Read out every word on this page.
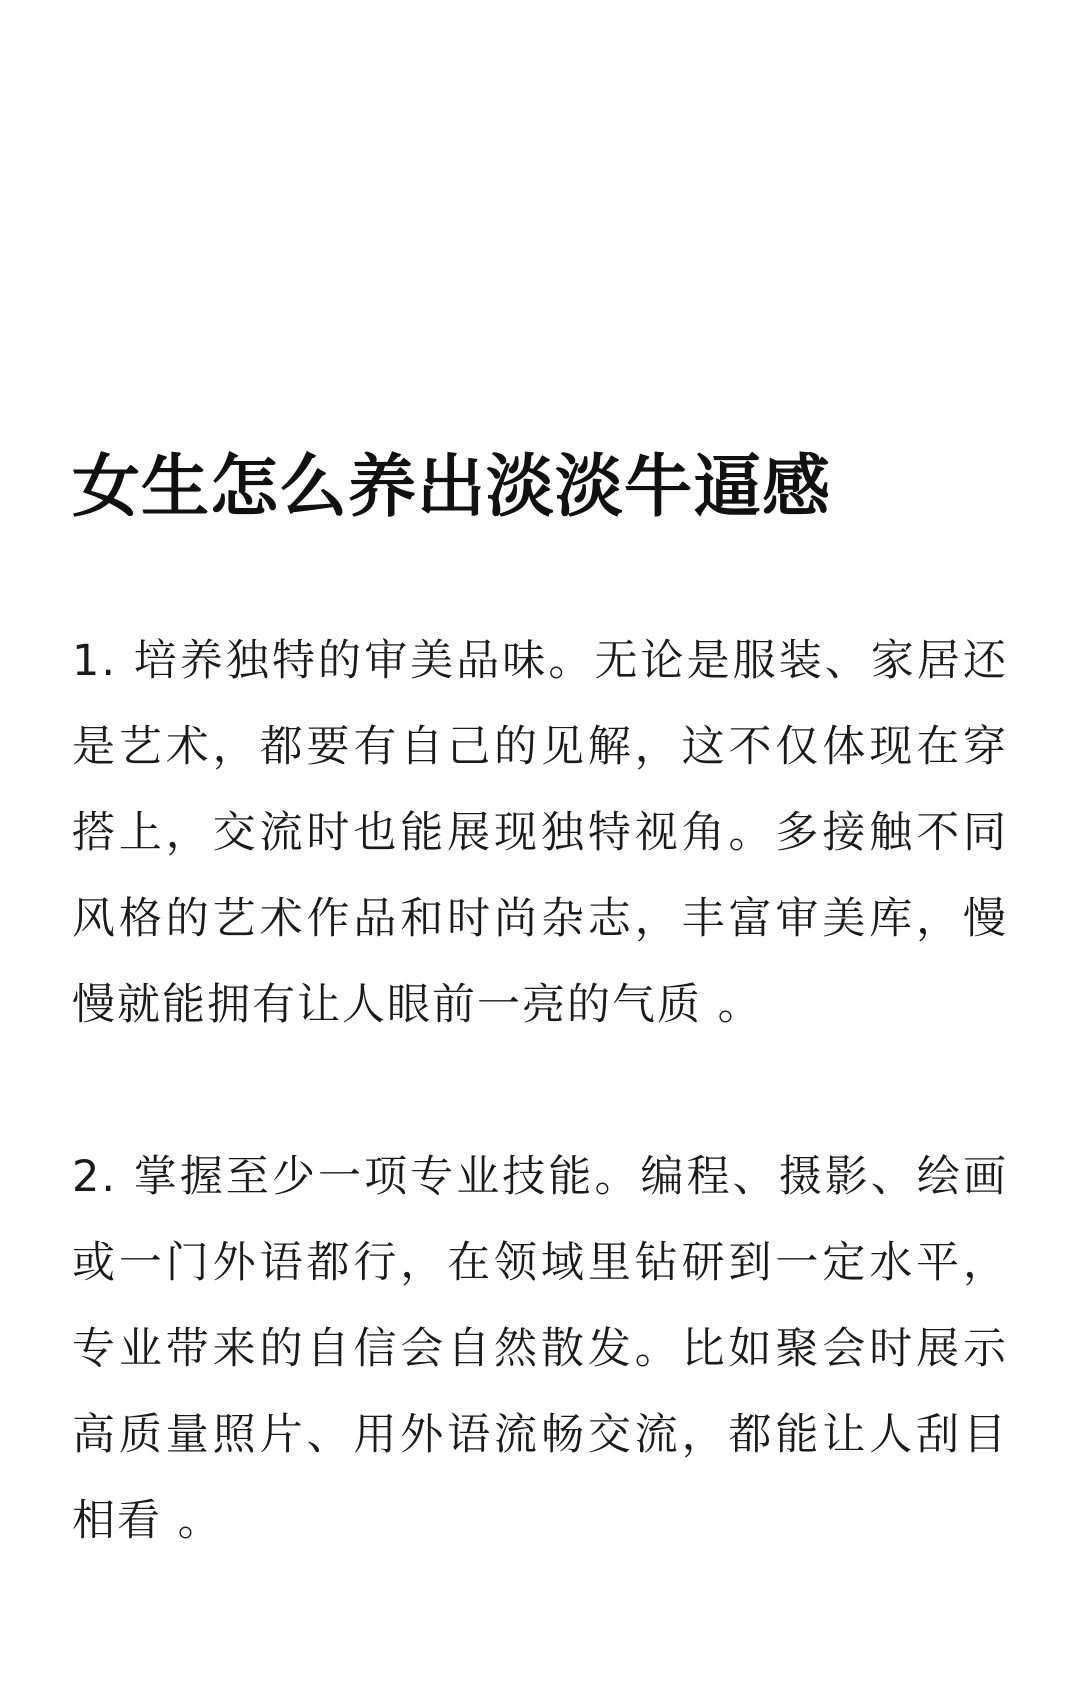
女生怎么养出淡淡牛逼感

1. 培养独特的审美品味。无论是服装、家居还是艺术，都要有自己的见解，这不仅体现在穿搭上，交流时也能展现独特视角。多接触不同风格的艺术作品和时尚杂志，丰富审美库，慢慢就能拥有让人眼前一亮的气质 。

2. 掌握至少一项专业技能。编程、摄影、绘画或一门外语都行，在领域里钻研到一定水平，专业带来的自信会自然散发。比如聚会时展示高质量照片、用外语流畅交流，都能让人刮目相看 。
